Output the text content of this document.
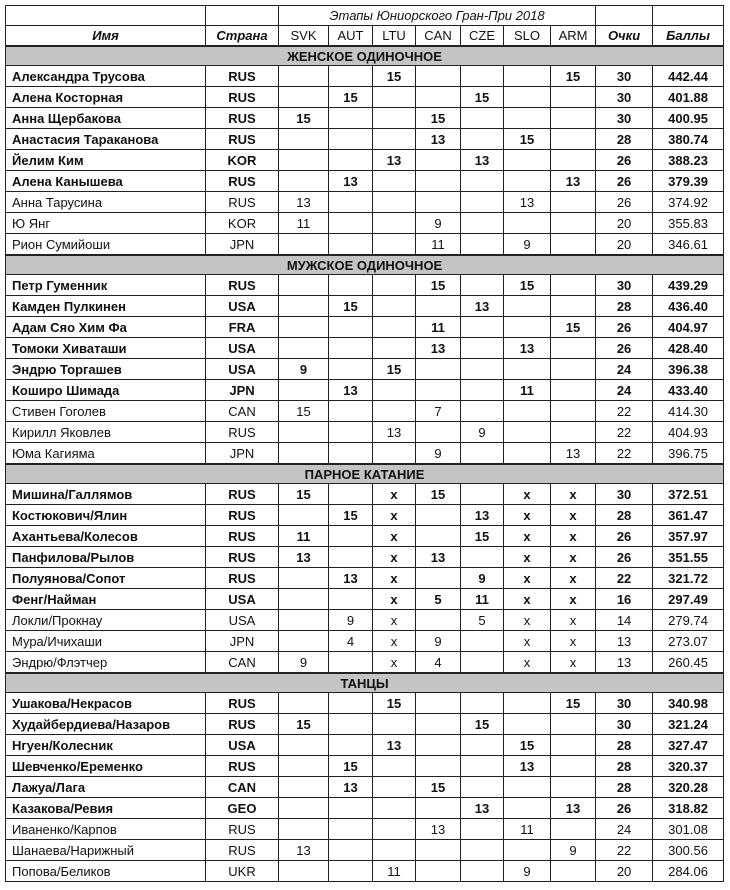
		Этапы Юниорского Гран-При 2018								
Имя	Страна	SVK	AUT	LTU	CAN	CZE	SLO	ARM	Очки	Баллы
ЖЕНСКОЕ ОДИНОЧНОЕ										
Александра Трусова	RUS			15				15	30	442.44
Алена Косторная	RUS		15			15			30	401.88
Анна Щербакова	RUS	15			15				30	400.95
Анастасия Тараканова	RUS				13		15		28	380.74
Йелим Ким	KOR			13		13			26	388.23
Алена Канышева	RUS		13					13	26	379.39
Анна Тарусина	RUS	13					13		26	374.92
Ю Янг	KOR	11			9				20	355.83
Рион Сумийоши	JPN				11		9		20	346.61
МУЖСКОЕ ОДИНОЧНОЕ										
Петр Гуменник	RUS				15		15		30	439.29
Камден Пулкинен	USA		15			13			28	436.40
Адам Сяо Хим Фа	FRA				11			15	26	404.97
Томоки Хиваташи	USA				13		13		26	428.40
Эндрю Торгашев	USA	9		15					24	396.38
Коширо Шимада	JPN		13				11		24	433.40
Стивен Гоголев	CAN	15			7				22	414.30
Кирилл Яковлев	RUS			13		9			22	404.93
Юма Кагияма	JPN				9			13	22	396.75
ПАРНОЕ КАТАНИЕ										
Мишина/Галлямов	RUS	15		x	15		x	x	30	372.51
Костюкович/Ялин	RUS		15	x		13	x	x	28	361.47
Ахантьева/Колесов	RUS	11		x		15	x	x	26	357.97
Панфилова/Рылов	RUS	13		x	13		x	x	26	351.55
Полуянова/Сопот	RUS		13	x		9	x	x	22	321.72
Фенг/Найман	USA			x	5	11	x	x	16	297.49
Локли/Прокнау	USA		9	x		5	x	x	14	279.74
Мура/Ичихаши	JPN		4	x	9		x	x	13	273.07
Эндрю/Флэтчер	CAN	9		x	4		x	x	13	260.45
ТАНЦЫ										
Ушакова/Некрасов	RUS			15				15	30	340.98
Худайбердиева/Назаров	RUS	15				15			30	321.24
Нгуен/Колесник	USA			13			15		28	327.47
Шевченко/Еременко	RUS		15				13		28	320.37
Лажуа/Лага	CAN		13		15				28	320.28
Казакова/Ревия	GEO					13		13	26	318.82
Иваненко/Карпов	RUS				13		11		24	301.08
Шанаева/Нарижный	RUS	13						9	22	300.56
Попова/Беликов	UKR			11			9		20	284.06
